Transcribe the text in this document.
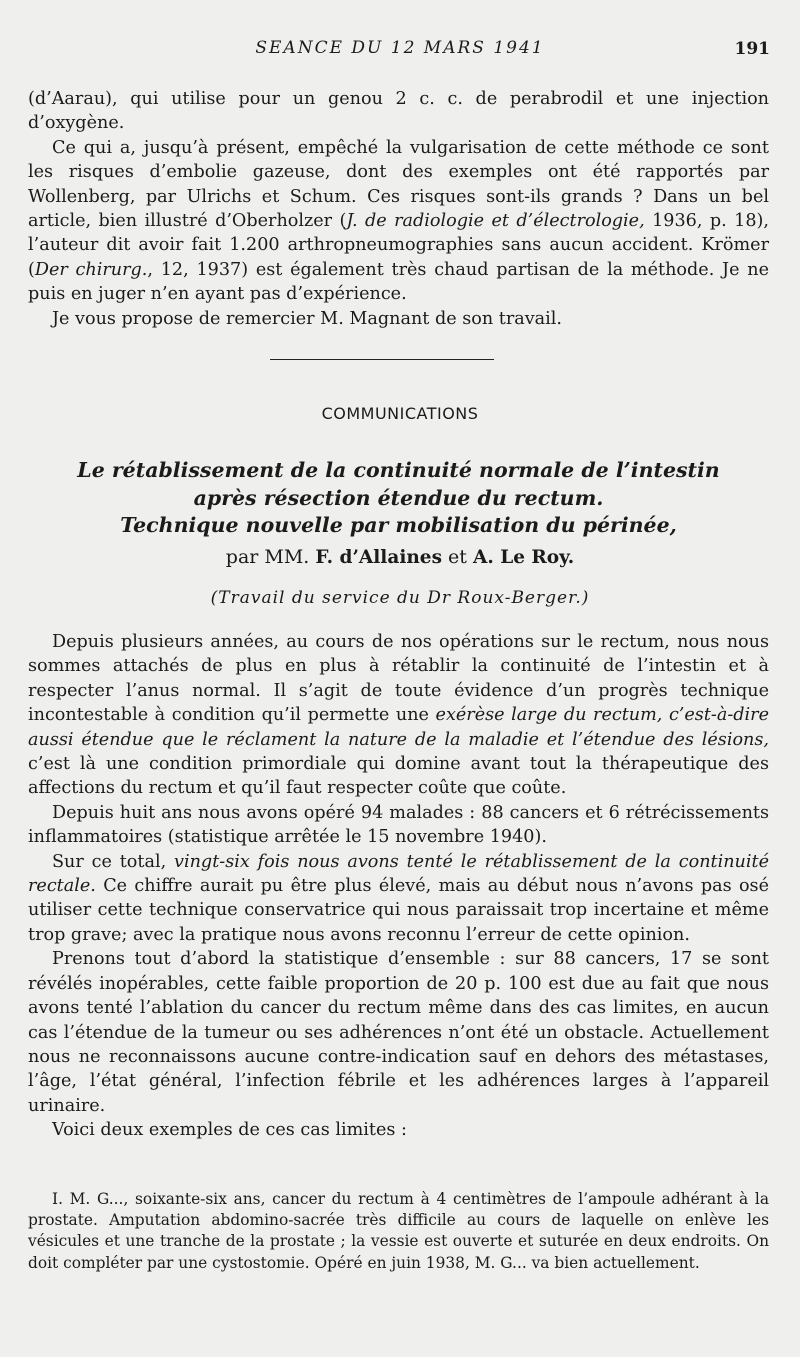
SEANCE DU 12 MARS 1941	191

(d’Aarau), qui utilise pour un genou 2 c. c. de perabrodil et une injection d’oxygène.

Ce qui a, jusqu’à présent, empêché la vulgarisation de cette méthode ce sont les risques d’embolie gazeuse, dont des exemples ont été rapportés par Wollenberg, par Ulrichs et Schum. Ces risques sont-ils grands ? Dans un bel article, bien illustré d’Oberholzer (J. de radiologie et d’électrologie, 1936, p. 18), l’auteur dit avoir fait 1.200 arthropneumographies sans aucun accident. Krömer (Der chirurg., 12, 1937) est également très chaud partisan de la méthode. Je ne puis en juger n’en ayant pas d’expérience.

Je vous propose de remercier M. Magnant de son travail.

COMMUNICATIONS
Le rétablissement de la continuité normale de l’intestin
après résection étendue du rectum.
Technique nouvelle par mobilisation du périnée,
par MM. F. d’Allaines et A. Le Roy.
(Travail du service du Dr Roux-Berger.)

Depuis plusieurs années, au cours de nos opérations sur le rectum, nous nous sommes attachés de plus en plus à rétablir la continuité de l’intestin et à respecter l’anus normal. Il s’agit de toute évidence d’un progrès technique incontestable à condition qu’il permette une exérèse large du rectum, c’est-à-dire aussi étendue que le réclament la nature de la maladie et l’étendue des lésions, c’est là une condition primordiale qui domine avant tout la thérapeutique des affections du rectum et qu’il faut respecter coûte que coûte.

Depuis huit ans nous avons opéré 94 malades : 88 cancers et 6 rétrécissements inflammatoires (statistique arrêtée le 15 novembre 1940).

Sur ce total, vingt-six fois nous avons tenté le rétablissement de la continuité rectale. Ce chiffre aurait pu être plus élevé, mais au début nous n’avons pas osé utiliser cette technique conservatrice qui nous paraissait trop incertaine et même trop grave; avec la pratique nous avons reconnu l’erreur de cette opinion.

Prenons tout d’abord la statistique d’ensemble : sur 88 cancers, 17 se sont révélés inopérables, cette faible proportion de 20 p. 100 est due au fait que nous avons tenté l’ablation du cancer du rectum même dans des cas limites, en aucun cas l’étendue de la tumeur ou ses adhérences n’ont été un obstacle. Actuellement nous ne reconnaissons aucune contre-indication sauf en dehors des métastases, l’âge, l’état général, l’infection fébrile et les adhérences larges à l’appareil urinaire.

Voici deux exemples de ces cas limites :

I. M. G..., soixante-six ans, cancer du rectum à 4 centimètres de l’ampoule adhérant à la prostate. Amputation abdomino-sacrée très difficile au cours de laquelle on enlève les vésicules et une tranche de la prostate ; la vessie est ouverte et suturée en deux endroits. On doit compléter par une cystostomie. Opéré en juin 1938, M. G... va bien actuellement.
